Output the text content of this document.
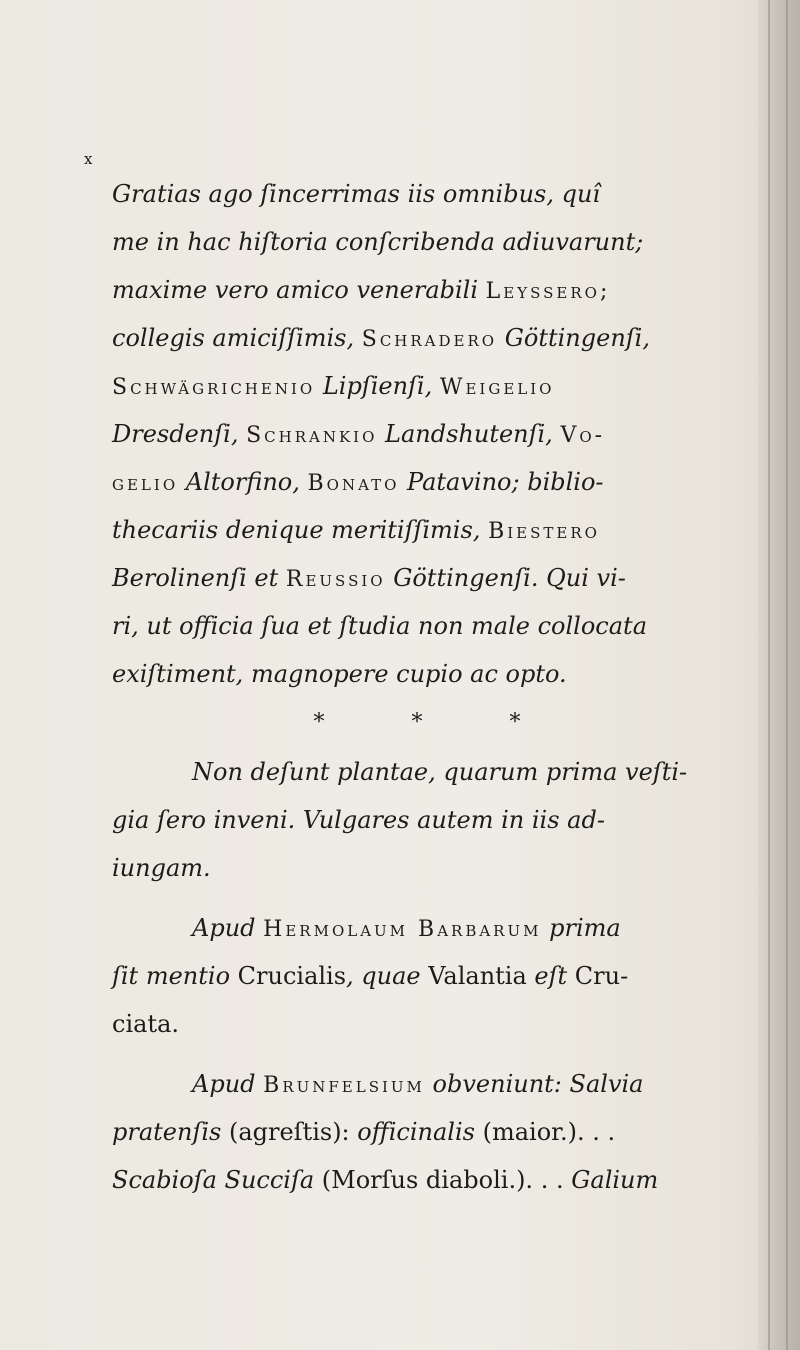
x
Gratias ago ſincerrimas iis omnibus, quî
me in hac hiſtoria conſcribenda adiuvarunt;
maxime vero amico venerabili Leyssero;
collegis amiciſſimis, Schradero Göttingenſi,
Schwägrichenio Lipſienſi, Weigelio
Dresdenſi, Schrankio Landshutenſi, Vo-
gelio Altorfino, Bonato Patavino; biblio-
thecariis denique meritiſſimis, Biestero
Berolinenſi et Reussio Göttingenſi. Qui vi-
ri, ut officia ſua et ſtudia non male collocata
exiſtiment, magnopere cupio ac opto.
* * *
Non deſunt plantae, quarum prima veſti-
gia ſero inveni. Vulgares autem in iis ad-
iungam.
Apud Hermolaum Barbarum prima
ſit mentio Crucialis, quae Valantia eſt Cru-
ciata.
Apud Brunfelsium obveniunt: Salvia
pratenſis (agreſtis): officinalis (maior.). . .
Scabioſa Succiſa (Morſus diaboli.). . . Galium
